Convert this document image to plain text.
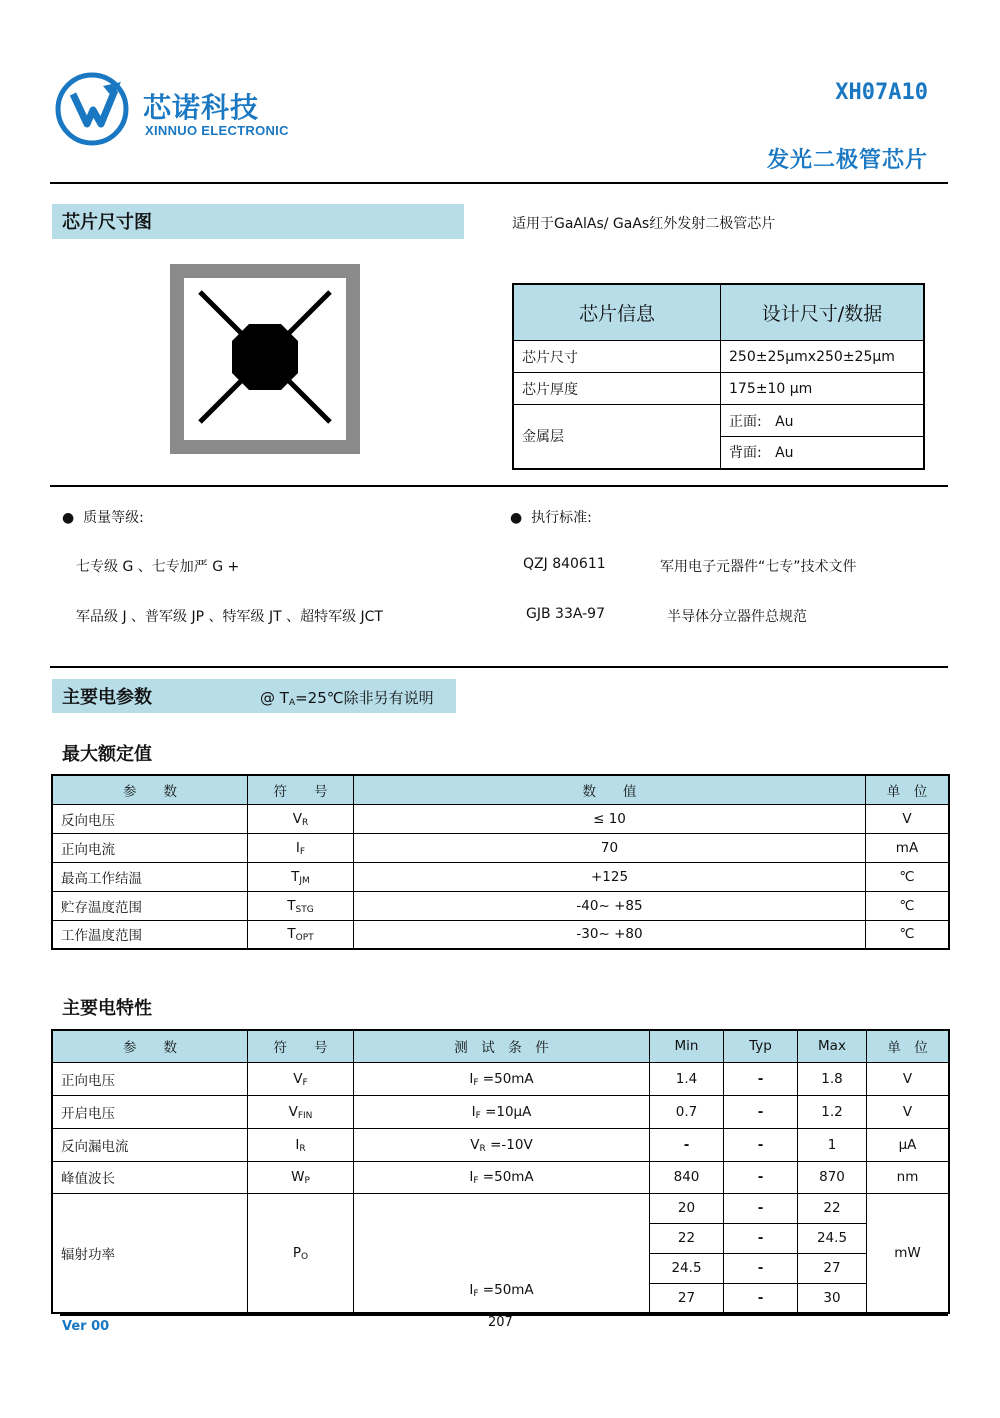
芯诺科技
XINNUO ELECTRONIC
XH07A10
发光二极管芯片
芯片尺寸图	适用于GaAlAs/ GaAs红外发射二极管芯片
芯片信息	设计尺寸/数据
芯片尺寸	250±25μmx250±25μm
芯片厚度	175±10 μm
金属层	正面: Au
	背面: Au
● 质量等级:
七专级 G 、七专加严 G +
军品级 J 、普军级 JP 、特军级 JT 、超特军级 JCT
● 执行标准:
QZJ 840611	军用电子元器件“七专”技术文件
GJB 33A-97	半导体分立器件总规范
主要电参数	@ $T_A=25℃$除非另有说明
最大额定值
参　　数	符　　号	数　　值	单　位
反向电压	$V_R$	≤ 10	V
正向电流	$I_F$	70	mA
最高工作结温	$T_{JM}$	+125	℃
贮存温度范围	$T_{STG}$	-40~ +85	℃
工作温度范围	$T_{OPT}$	-30~ +80	℃
主要电特性
参　　数	符　　号	测　试　条　件	Min	Typ	Max	单　位
正向电压	$V_F$	$I_F =50mA$	1.4	-	1.8	V
开启电压	$V_{FIN}$	$I_F =10\mu A$	0.7	-	1.2	V
反向漏电流	$I_R$	$V_R =-10V$	-	-	1	μA
峰值波长	$W_P$	$I_F =50mA$	840	-	870	nm
辐射功率	$P_O$	$I_F =50mA$	20	-	22	mW
			22	-	24.5	
			24.5	-	27	
			27	-	30	
Ver 00	207
